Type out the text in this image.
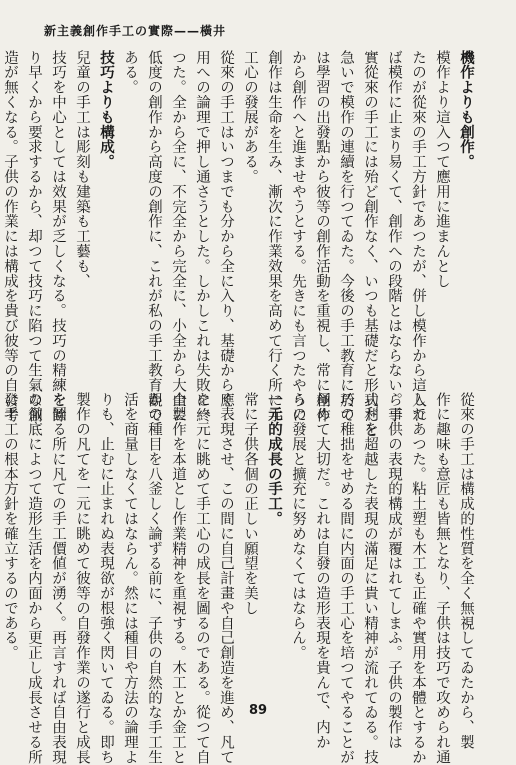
新主義創作手工の實際——橫井
機作よりも創作。
模作より這入つて應用に進まんとし
たのが從來の手工方針であつたが、併し模作から這入れ
ば模作に止まり易くて、創作への段階とはならない。事
實從來の手工には殆ど創作なく、いつも基礎だと形式だと
急いで模作の連續を行つてゐた。今後の手工教育に於て
は學習の出發點から彼等の創作活動を重視し、常に創作
から創作へと進ませやうとする。先きにも言つたやうに
創作は生命を生み、漸次に作業效果を高めて行く所に手
工心の發展がある。
從來の手工はいつまでも分から全に入り、基礎から應
用への論理で押し通さうとした。しかしこれは失敗に終
つた。全から全に、不完全から完全に、小全から大全に
低度の創作から高度の創作に、これが私の手工教育觀で
ある。
技巧よりも構成。
兒童の手工は彫刻も建築も工藝も、
技巧を中心としては效果が乏しくなる。技巧の精練を餘
り早くから要求するから、却つて技巧に陷つて生氣な創
造が無くなる。子供の作業には構成を貴び彼等の自發考
從來の手工は構成的性質を全く無視してゐたから、製
作に趣味も意匠も皆無となり、子供は技巧で攻められ通
しであつた。粘土塑も木工も正確や實用を本體とするか
ら子供の表現的構成が覆はれてしまふ。子供の製作は
功利を超越した表現の滿足に貴い精神が流れてゐる。技
巧の稚拙をせめる間に内面の手工心を培つてやることが
極めて大切だ。これは自發の造形表現を貴んで、内か
らの發展と擴充に努めなくてはならん。
一元的成長の手工。
常に子供各個の正しい願望を美し
く表現させ、この間に自己計畫や自己創造を進め、凡て
を一元に眺めて手工心の成長を圖るのである。從つて自
由製作を本道とし作業精神を重視する。木工とか金工と
かの種目を八釜しく論ずる前に、子供の自然的な手工生
活を商量しなくてはならん。然には種目や方法の論理よ
りも、止むに止まれぬ表現欲が根強く閃いてゐる。即ち
製作の凡てを一元に眺めて彼等の自發作業の遂行と成長
を圖る所に凡ての手工價値が湧く。再言すれば自由表現
の徹底によつて造形生活を内面から更正し成長させる所
に手工の根本方針を確立するのである。
89
